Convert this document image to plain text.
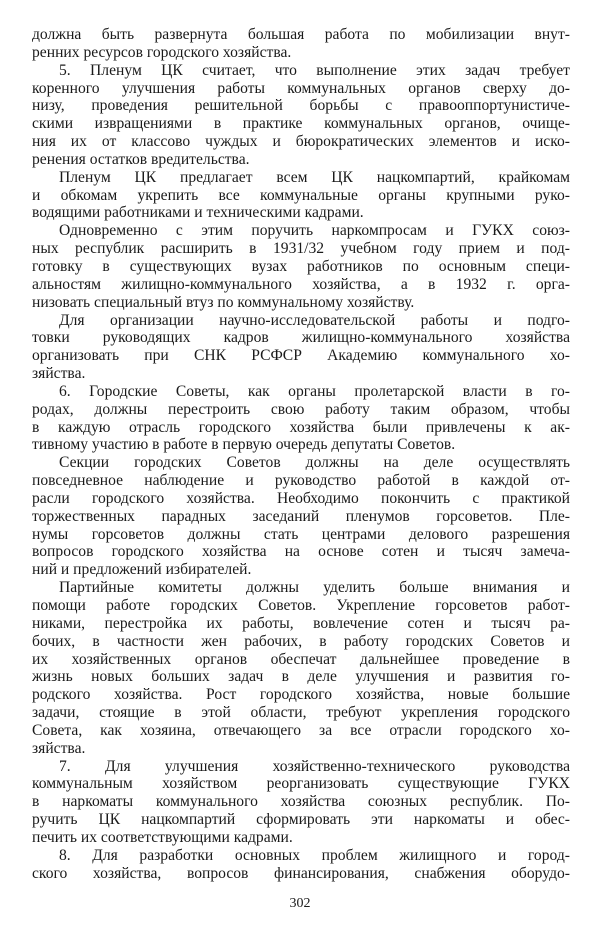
должна быть развернута большая работа по мобилизации внут-
ренних ресурсов городского хозяйства.
5. Пленум ЦК считает, что выполнение этих задач требует
коренного улучшения работы коммунальных органов сверху до-
низу, проведения решительной борьбы с правооппортунистиче-
скими извращениями в практике коммунальных органов, очище-
ния их от классово чуждых и бюрократических элементов и иско-
ренения остатков вредительства.
Пленум ЦК предлагает всем ЦК нацкомпартий, крайкомам
и обкомам укрепить все коммунальные органы крупными руко-
водящими работниками и техническими кадрами.
Одновременно с этим поручить наркомпросам и ГУКХ союз-
ных республик расширить в 1931/32 учебном году прием и под-
готовку в существующих вузах работников по основным специ-
альностям жилищно-коммунального хозяйства, а в 1932 г. орга-
низовать специальный втуз по коммунальному хозяйству.
Для организации научно-исследовательской работы и подго-
товки руководящих кадров жилищно-коммунального хозяйства
организовать при СНК РСФСР Академию коммунального хо-
зяйства.
6. Городские Советы, как органы пролетарской власти в го-
родах, должны перестроить свою работу таким образом, чтобы
в каждую отрасль городского хозяйства были привлечены к ак-
тивному участию в работе в первую очередь депутаты Советов.
Секции городских Советов должны на деле осуществлять
повседневное наблюдение и руководство работой в каждой от-
расли городского хозяйства. Необходимо покончить с практикой
торжественных парадных заседаний пленумов горсоветов. Пле-
нумы горсоветов должны стать центрами делового разрешения
вопросов городского хозяйства на основе сотен и тысяч замеча-
ний и предложений избирателей.
Партийные комитеты должны уделить больше внимания и
помощи работе городских Советов. Укрепление горсоветов работ-
никами, перестройка их работы, вовлечение сотен и тысяч ра-
бочих, в частности жен рабочих, в работу городских Советов и
их хозяйственных органов обеспечат дальнейшее проведение в
жизнь новых больших задач в деле улучшения и развития го-
родского хозяйства. Рост городского хозяйства, новые большие
задачи, стоящие в этой области, требуют укрепления городского
Совета, как хозяина, отвечающего за все отрасли городского хо-
зяйства.
7. Для улучшения хозяйственно-технического руководства
коммунальным хозяйством реорганизовать существующие ГУКХ
в наркоматы коммунального хозяйства союзных республик. По-
ручить ЦК нацкомпартий сформировать эти наркоматы и обес-
печить их соответствующими кадрами.
8. Для разработки основных проблем жилищного и город-
ского хозяйства, вопросов финансирования, снабжения оборудо-
302
